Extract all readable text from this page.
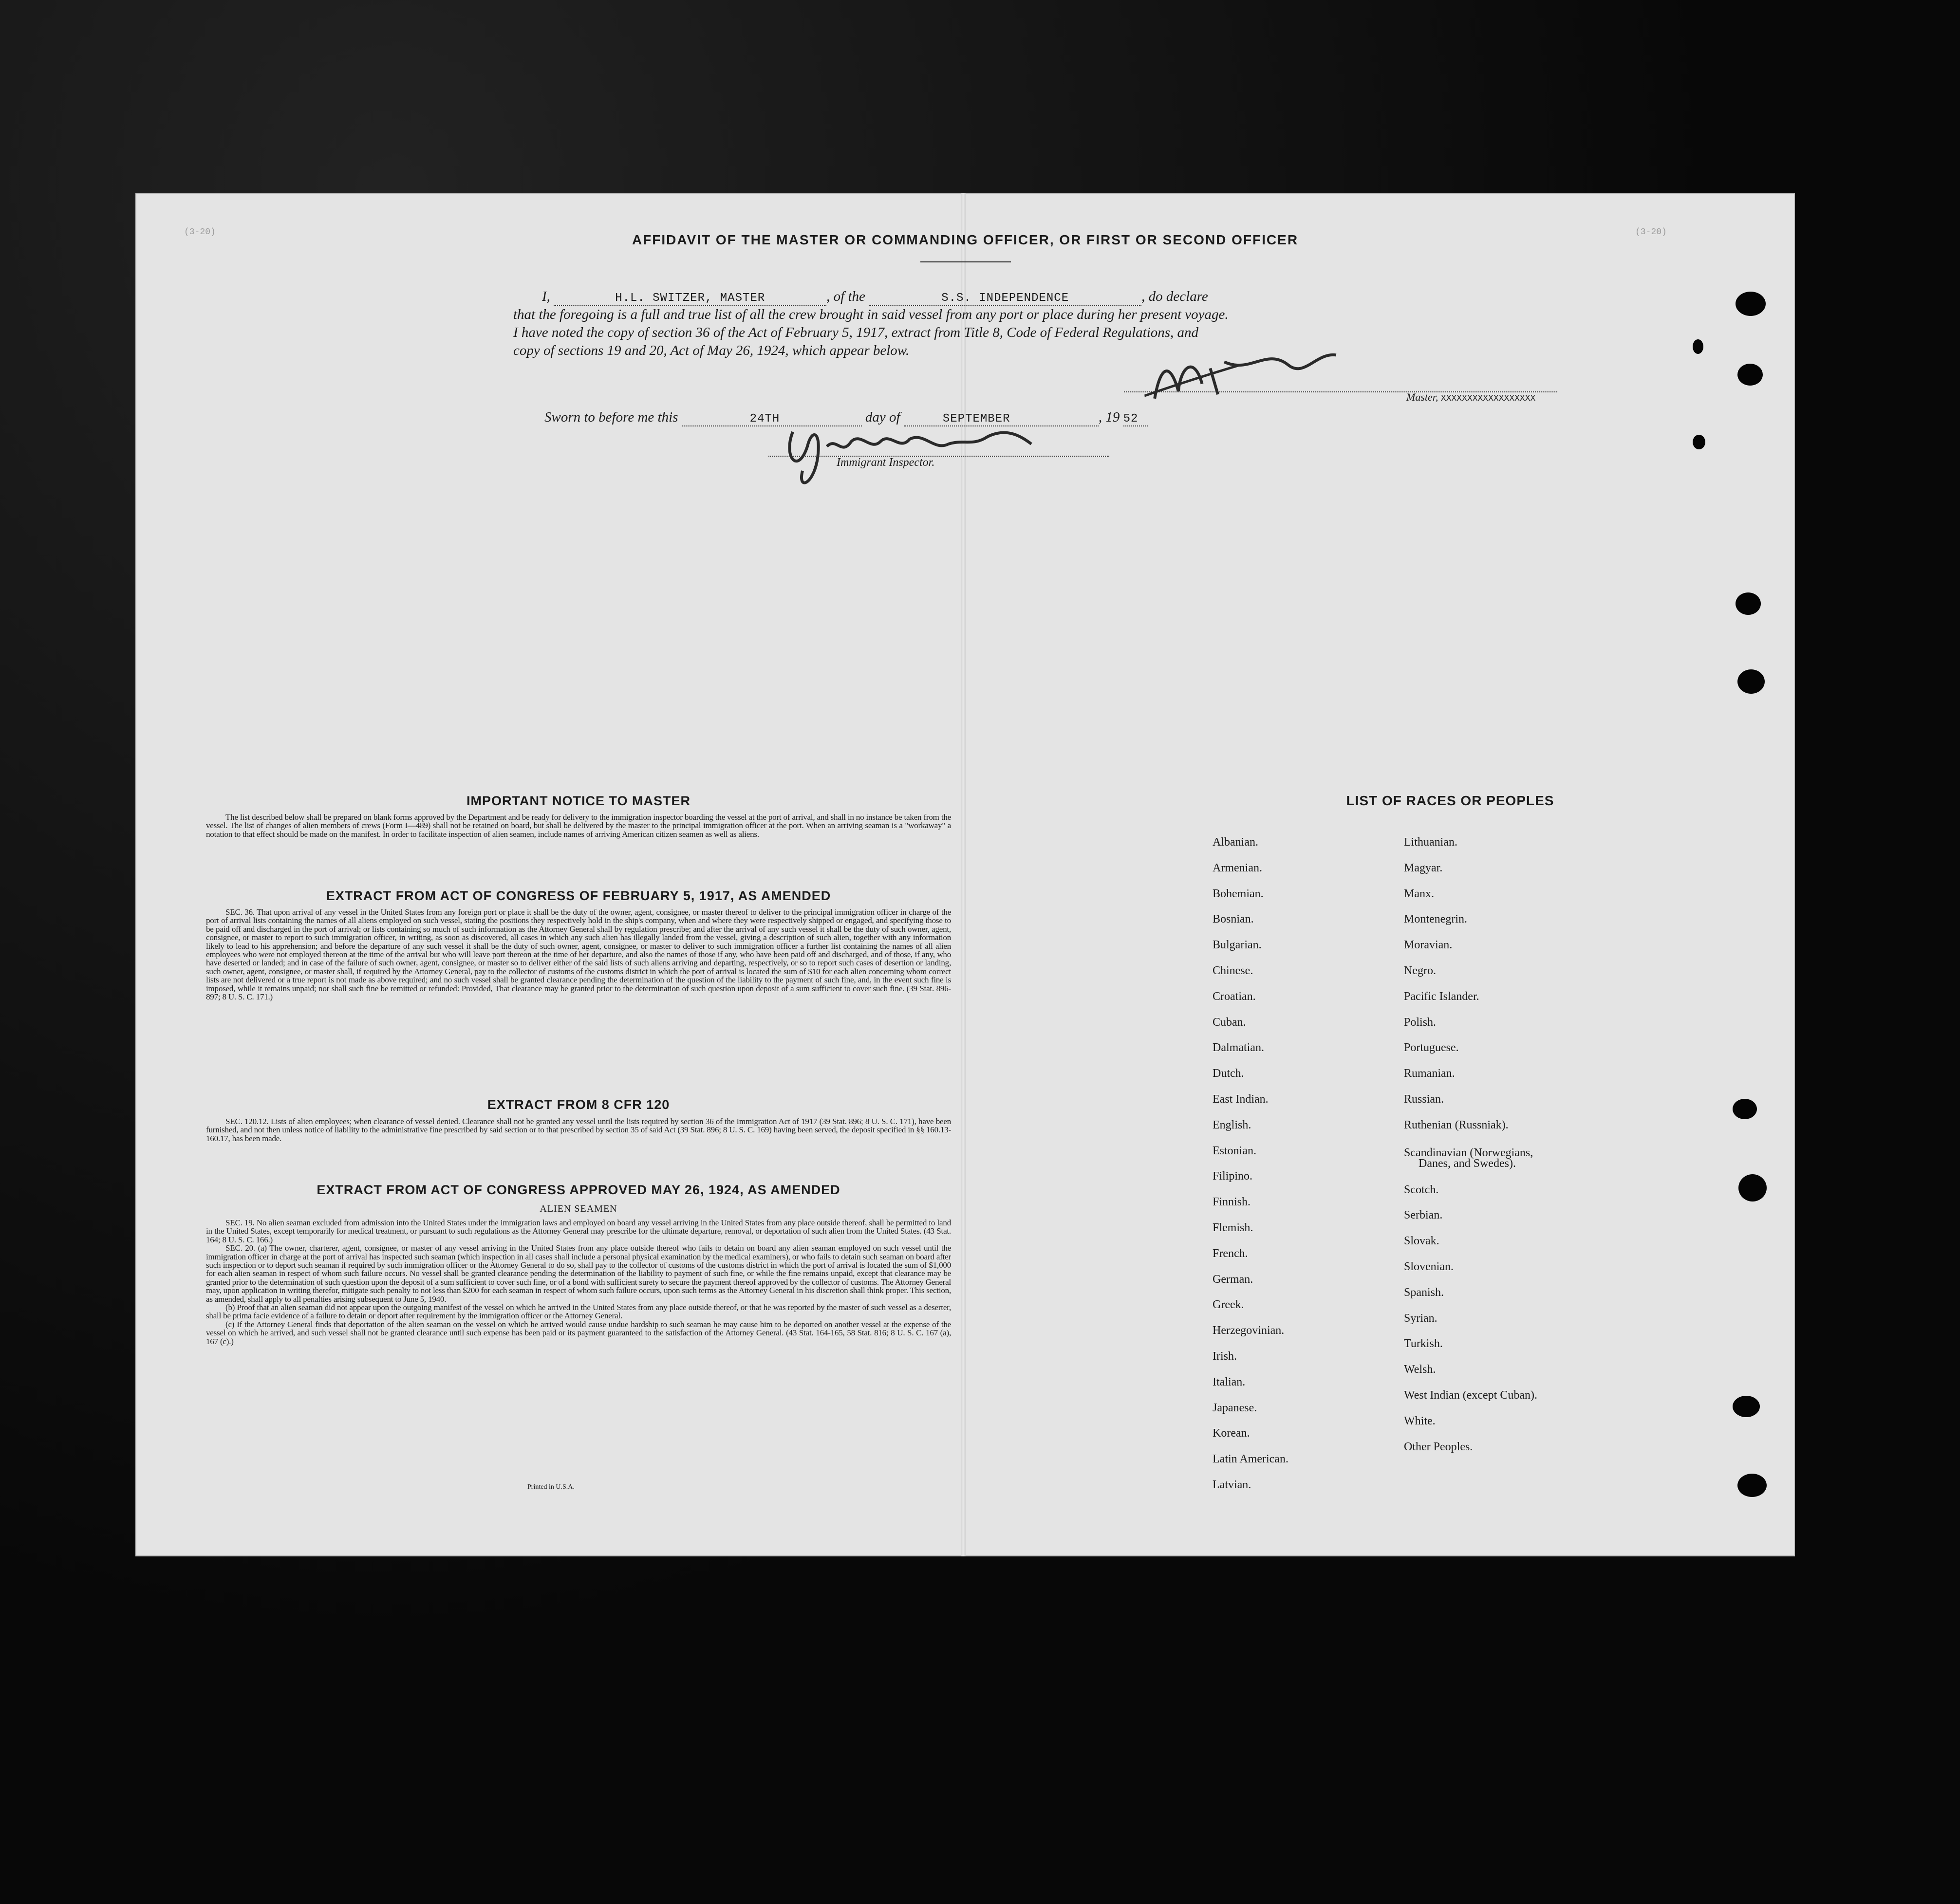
(3-20)	(3-20)
AFFIDAVIT OF THE MASTER OR COMMANDING OFFICER, OR FIRST OR SECOND OFFICER
I,	H.L. SWITZER, MASTER	, of the	S.S. INDEPENDENCE	, do declare
that the foregoing is a full and true list of all the crew brought in said vessel from any port or place during her present voyage.
I have noted the copy of section 36 of the Act of February 5, 1917, extract from Title 8, Code of Federal Regulations, and
copy of sections 19 and 20, Act of May 26, 1924, which appear below.
Master, XXXXXXXXXXXXXXXXXX
Sworn to before me this	24TH	day of	SEPTEMBER	, 19 52
Immigrant Inspector.
IMPORTANT NOTICE TO MASTER

The list described below shall be prepared on blank forms approved by the Department and be ready for delivery to the immigration inspector boarding the vessel at the port of arrival, and shall in no instance be taken from the vessel. The list of changes of alien members of crews (Form I—489) shall not be retained on board, but shall be delivered by the master to the principal immigration officer at the port. When an arriving seaman is a "workaway" a notation to that effect should be made on the manifest. In order to facilitate inspection of alien seamen, include names of arriving American citizen seamen as well as aliens.

EXTRACT FROM ACT OF CONGRESS OF FEBRUARY 5, 1917, AS AMENDED

SEC. 36. That upon arrival of any vessel in the United States from any foreign port or place it shall be the duty of the owner, agent, consignee, or master thereof to deliver to the principal immigration officer in charge of the port of arrival lists containing the names of all aliens employed on such vessel, stating the positions they respectively hold in the ship's company, when and where they were respectively shipped or engaged, and specifying those to be paid off and discharged in the port of arrival; or lists containing so much of such information as the Attorney General shall by regulation prescribe; and after the arrival of any such vessel it shall be the duty of such owner, agent, consignee, or master to report to such immigration officer, in writing, as soon as discovered, all cases in which any such alien has illegally landed from the vessel, giving a description of such alien, together with any information likely to lead to his apprehension; and before the departure of any such vessel it shall be the duty of such owner, agent, consignee, or master to deliver to such immigration officer a further list containing the names of all alien employees who were not employed thereon at the time of the arrival but who will leave port thereon at the time of her departure, and also the names of those if any, who have been paid off and discharged, and of those, if any, who have deserted or landed; and in case of the failure of such owner, agent, consignee, or master so to deliver either of the said lists of such aliens arriving and departing, respectively, or so to report such cases of desertion or landing, such owner, agent, consignee, or master shall, if required by the Attorney General, pay to the collector of customs of the customs district in which the port of arrival is located the sum of $10 for each alien concerning whom correct lists are not delivered or a true report is not made as above required; and no such vessel shall be granted clearance pending the determination of the question of the liability to the payment of such fine, and, in the event such fine is imposed, while it remains unpaid; nor shall such fine be remitted or refunded: Provided, That clearance may be granted prior to the determination of such question upon deposit of a sum sufficient to cover such fine. (39 Stat. 896-897; 8 U. S. C. 171.)

EXTRACT FROM 8 CFR 120

SEC. 120.12. Lists of alien employees; when clearance of vessel denied. Clearance shall not be granted any vessel until the lists required by section 36 of the Immigration Act of 1917 (39 Stat. 896; 8 U. S. C. 171), have been furnished, and not then unless notice of liability to the administrative fine prescribed by said section or to that prescribed by section 35 of said Act (39 Stat. 896; 8 U. S. C. 169) having been served, the deposit specified in §§ 160.13-160.17, has been made.

EXTRACT FROM ACT OF CONGRESS APPROVED MAY 26, 1924, AS AMENDED
ALIEN SEAMEN

SEC. 19. No alien seaman excluded from admission into the United States under the immigration laws and employed on board any vessel arriving in the United States from any place outside thereof, shall be permitted to land in the United States, except temporarily for medical treatment, or pursuant to such regulations as the Attorney General may prescribe for the ultimate departure, removal, or deportation of such alien from the United States. (43 Stat. 164; 8 U. S. C. 166.)

SEC. 20. (a) The owner, charterer, agent, consignee, or master of any vessel arriving in the United States from any place outside thereof who fails to detain on board any alien seaman employed on such vessel until the immigration officer in charge at the port of arrival has inspected such seaman (which inspection in all cases shall include a personal physical examination by the medical examiners), or who fails to detain such seaman on board after such inspection or to deport such seaman if required by such immigration officer or the Attorney General to do so, shall pay to the collector of customs of the customs district in which the port of arrival is located the sum of $1,000 for each alien seaman in respect of whom such failure occurs. No vessel shall be granted clearance pending the determination of the liability to payment of such fine, or while the fine remains unpaid, except that clearance may be granted prior to the determination of such question upon the deposit of a sum sufficient to cover such fine, or of a bond with sufficient surety to secure the payment thereof approved by the collector of customs. The Attorney General may, upon application in writing therefor, mitigate such penalty to not less than $200 for each seaman in respect of whom such failure occurs, upon such terms as the Attorney General in his discretion shall think proper. This section, as amended, shall apply to all penalties arising subsequent to June 5, 1940.

(b) Proof that an alien seaman did not appear upon the outgoing manifest of the vessel on which he arrived in the United States from any place outside thereof, or that he was reported by the master of such vessel as a deserter, shall be prima facie evidence of a failure to detain or deport after requirement by the immigration officer or the Attorney General.

(c) If the Attorney General finds that deportation of the alien seaman on the vessel on which he arrived would cause undue hardship to such seaman he may cause him to be deported on another vessel at the expense of the vessel on which he arrived, and such vessel shall not be granted clearance until such expense has been paid or its payment guaranteed to the satisfaction of the Attorney General. (43 Stat. 164-165, 58 Stat. 816; 8 U. S. C. 167 (a), 167 (c).)

Printed in U.S.A.
LIST OF RACES OR PEOPLES
Albanian.
Armenian.
Bohemian.
Bosnian.
Bulgarian.
Chinese.
Croatian.
Cuban.
Dalmatian.
Dutch.
East Indian.
English.
Estonian.
Filipino.
Finnish.
Flemish.
French.
German.
Greek.
Herzegovinian.
Irish.
Italian.
Japanese.
Korean.
Latin American.
Latvian.
Lithuanian.
Magyar.
Manx.
Montenegrin.
Moravian.
Negro.
Pacific Islander.
Polish.
Portuguese.
Rumanian.
Russian.
Ruthenian (Russniak).
Scandinavian (Norwegians,
Danes, and Swedes).
Scotch.
Serbian.
Slovak.
Slovenian.
Spanish.
Syrian.
Turkish.
Welsh.
West Indian (except Cuban).
White.
Other Peoples.
